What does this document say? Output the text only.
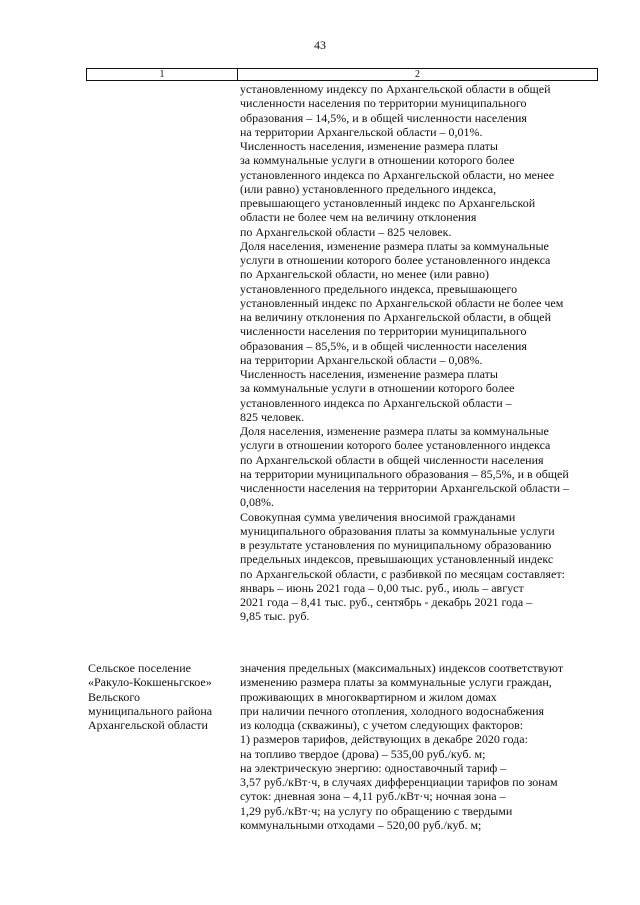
43
1	2
установленному индексу по Архангельской области в общей
численности населения по территории муниципального
образования – 14,5%, и в общей численности населения
на территории Архангельской области – 0,01%.
Численность населения, изменение размера платы
за коммунальные услуги в отношении которого более
установленного индекса по Архангельской области, но менее
(или равно) установленного предельного индекса,
превышающего установленный индекс по Архангельской
области не более чем на величину отклонения
по Архангельской области – 825 человек.
Доля населения, изменение размера платы за коммунальные
услуги в отношении которого более установленного индекса
по Архангельской области, но менее (или равно)
установленного предельного индекса, превышающего
установленный индекс по Архангельской области не более чем
на величину отклонения по Архангельской области, в общей
численности населения по территории муниципального
образования – 85,5%, и в общей численности населения
на территории Архангельской области – 0,08%.
Численность населения, изменение размера платы
за коммунальные услуги в отношении которого более
установленного индекса по Архангельской области –
825 человек.
Доля населения, изменение размера платы за коммунальные
услуги в отношении которого более установленного индекса
по Архангельской области в общей численности населения
на территории муниципального образования – 85,5%, и в общей
численности населения на территории Архангельской области –
0,08%.
Совокупная сумма увеличения вносимой гражданами
муниципального образования платы за коммунальные услуги
в результате установления по муниципальному образованию
предельных индексов, превышающих установленный индекс
по Архангельской области, с разбивкой по месяцам составляет:
январь – июнь 2021 года – 0,00 тыс. руб., июль – август
2021 года – 8,41 тыс. руб., сентябрь - декабрь 2021 года –
9,85 тыс. руб.
Сельское поселение
«Ракуло-Кокшеньгское»
Вельского
муниципального района
Архангельской области
значения предельных (максимальных) индексов соответствуют
изменению размера платы за коммунальные услуги граждан,
проживающих в многоквартирном и жилом домах
при наличии печного отопления, холодного водоснабжения
из колодца (скважины), с учетом следующих факторов:
1) размеров тарифов, действующих в декабре 2020 года:
на топливо твердое (дрова) – 535,00 руб./куб. м;
на электрическую энергию: одноставочный тариф –
3,57 руб./кВт·ч, в случаях дифференциации тарифов по зонам
суток: дневная зона – 4,11 руб./кВт·ч; ночная зона –
1,29 руб./кВт·ч; на услугу по обращению с твердыми
коммунальными отходами – 520,00 руб./куб. м;
